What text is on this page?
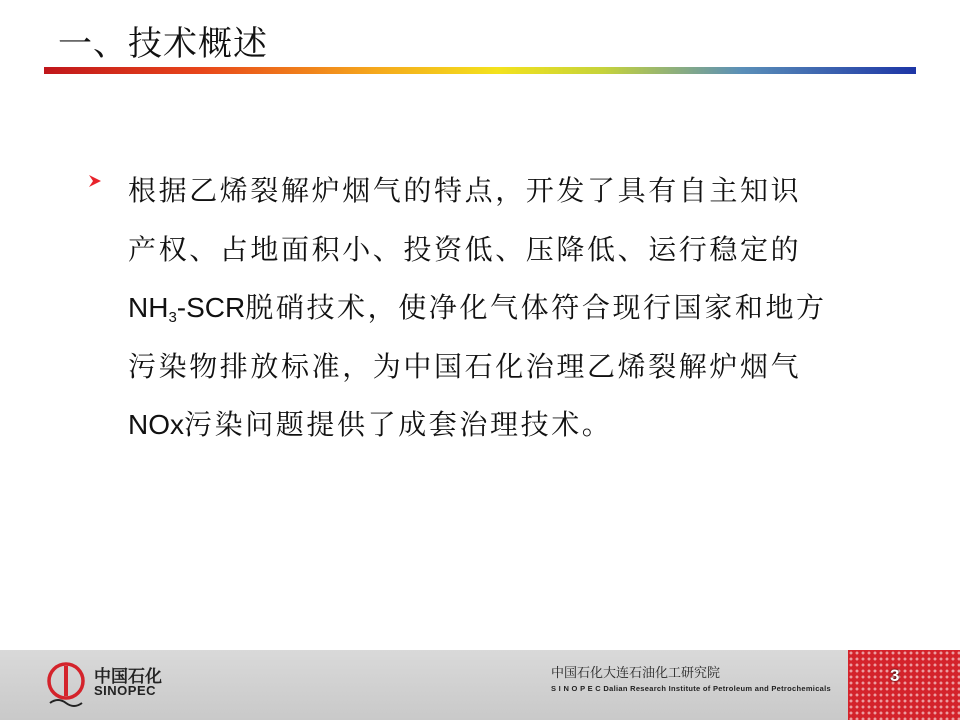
一、技术概述
根据乙烯裂解炉烟气的特点，开发了具有自主知识
产权、占地面积小、投资低、压降低、运行稳定的
$NH_3$-SCR脱硝技术，使净化气体符合现行国家和地方
污染物排放标准，为中国石化治理乙烯裂解炉烟气
NOx污染问题提供了成套治理技术。
中国石化
SINOPEC
中国石化大连石油化工研究院
S I N O P E C Dalian Research Institute of Petroleum and Petrochemicals
3
